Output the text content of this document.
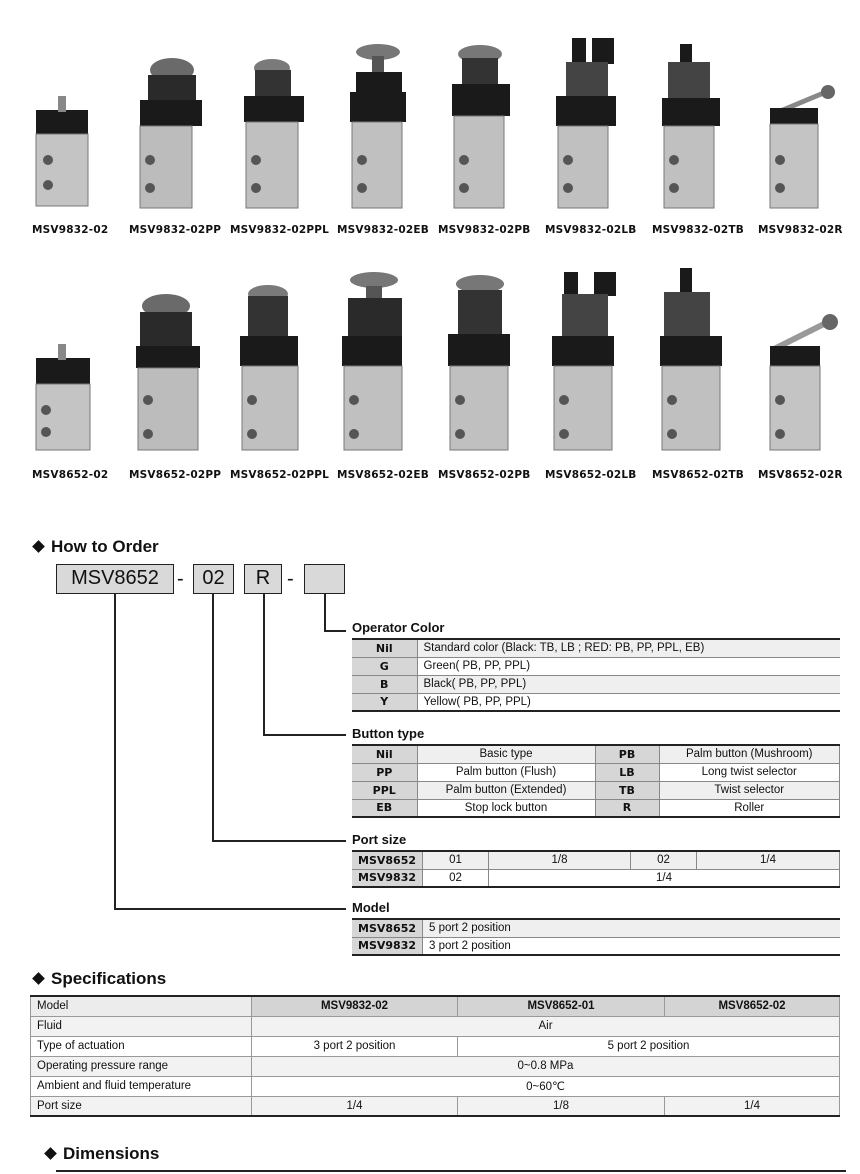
MSV9832-02 MSV9832-02PP MSV9832-02PPL MSV9832-02EB MSV9832-02PB MSV9832-02LB MSV9832-02TB MSV9832-02R
MSV8652-02 MSV8652-02PP MSV8652-02PPL MSV8652-02EB MSV8652-02PB MSV8652-02LB MSV8652-02TB MSV8652-02R
How to Order
MSV8652 - 02	R -
Operator Color
Nil	Standard color (Black: TB, LB ; RED: PB, PP, PPL, EB)
G	Green( PB, PP, PPL)
B	Black( PB, PP, PPL)
Y	Yellow( PB, PP, PPL)
Button type
Nil	Basic type	PB	Palm button (Mushroom)
PP	Palm button (Flush)	LB	Long twist selector
PPL	Palm button (Extended)	TB	Twist selector
EB	Stop lock button	R	Roller
Port size
MSV8652	01	1/8	02	1/4
MSV9832	02	1/4		
Model
MSV8652	5 port 2 position
MSV9832	3 port 2 position
Specifications
Model	MSV9832-02	MSV8652-01	MSV8652-02
Fluid	Air		
Type of actuation	3 port 2 position	5 port 2 position	
Operating pressure range	0~0.8 MPa		
Ambient and fluid temperature	0~60℃		
Port size	1/4	1/8	1/4
Dimensions
